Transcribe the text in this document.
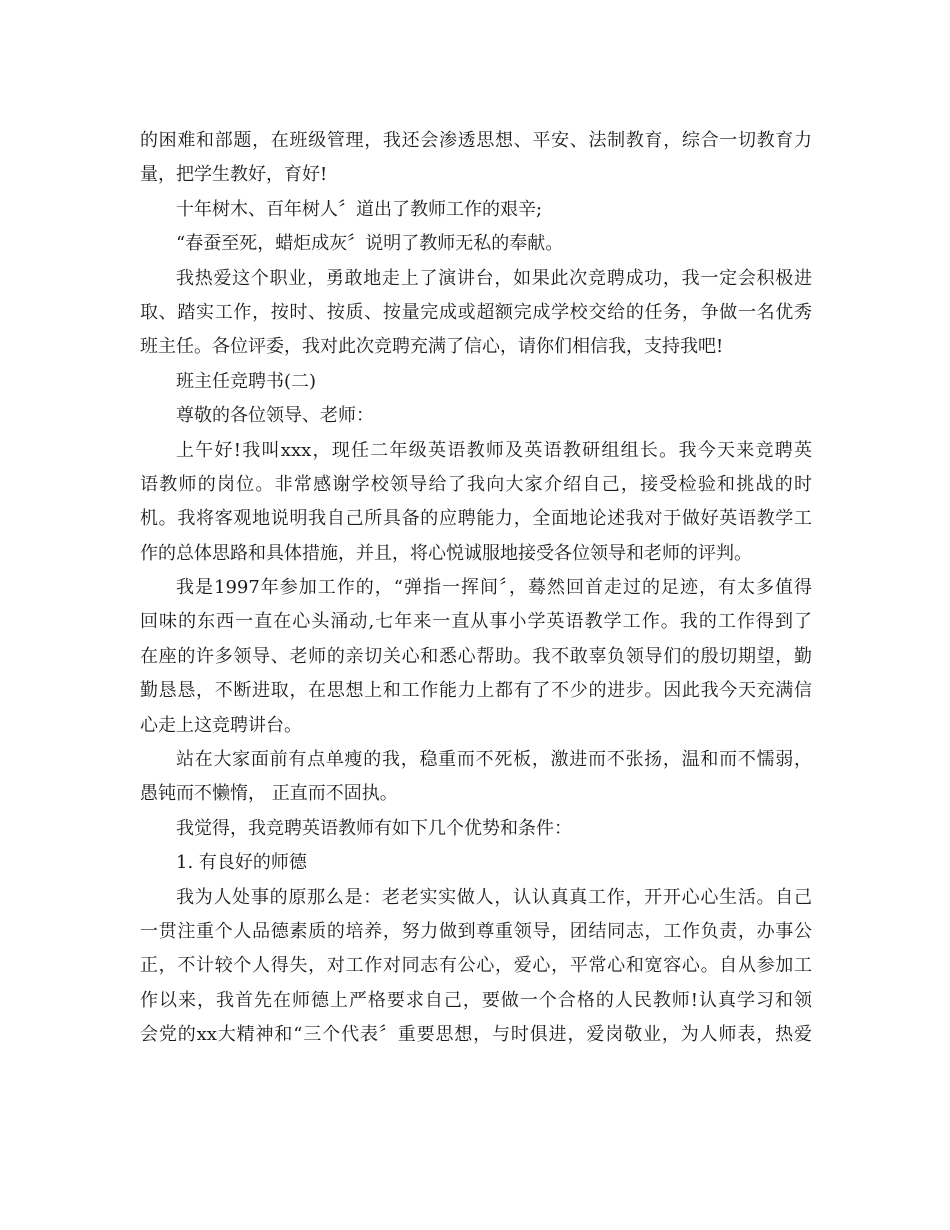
的困难和部题，在班级管理，我还会渗透思想、平安、法制教育，综合一切教育力
量，把学生教好，育好!
十年树木、百年树人〞道出了教师工作的艰辛;
“春蚕至死，蜡炬成灰〞说明了教师无私的奉献。
我热爱这个职业，勇敢地走上了演讲台，如果此次竞聘成功，我一定会积极进
取、踏实工作，按时、按质、按量完成或超额完成学校交给的任务，争做一名优秀
班主任。各位评委，我对此次竞聘充满了信心，请你们相信我，支持我吧!
班主任竞聘书(二)
尊敬的各位领导、老师：
上午好!我叫xxx，现任二年级英语教师及英语教研组组长。我今天来竞聘英
语教师的岗位。非常感谢学校领导给了我向大家介绍自己，接受检验和挑战的时
机。我将客观地说明我自己所具备的应聘能力，全面地论述我对于做好英语教学工
作的总体思路和具体措施，并且，将心悦诚服地接受各位领导和老师的评判。
我是1997年参加工作的，“弹指一挥间〞，蓦然回首走过的足迹，有太多值得
回味的东西一直在心头涌动,七年来一直从事小学英语教学工作。我的工作得到了
在座的许多领导、老师的亲切关心和悉心帮助。我不敢辜负领导们的殷切期望，勤
勤恳恳，不断进取，在思想上和工作能力上都有了不少的进步。因此我今天充满信
心走上这竞聘讲台。
站在大家面前有点单瘦的我，稳重而不死板，激进而不张扬，温和而不懦弱，
愚钝而不懒惰， 正直而不固执。
我觉得，我竞聘英语教师有如下几个优势和条件：
1. 有良好的师德
我为人处事的原那么是：老老实实做人，认认真真工作，开开心心生活。自己
一贯注重个人品德素质的培养，努力做到尊重领导，团结同志，工作负责，办事公
正，不计较个人得失，对工作对同志有公心，爱心，平常心和宽容心。自从参加工
作以来，我首先在师德上严格要求自己，要做一个合格的人民教师!认真学习和领
会党的xx大精神和“三个代表〞重要思想，与时俱进，爱岗敬业，为人师表，热爱
